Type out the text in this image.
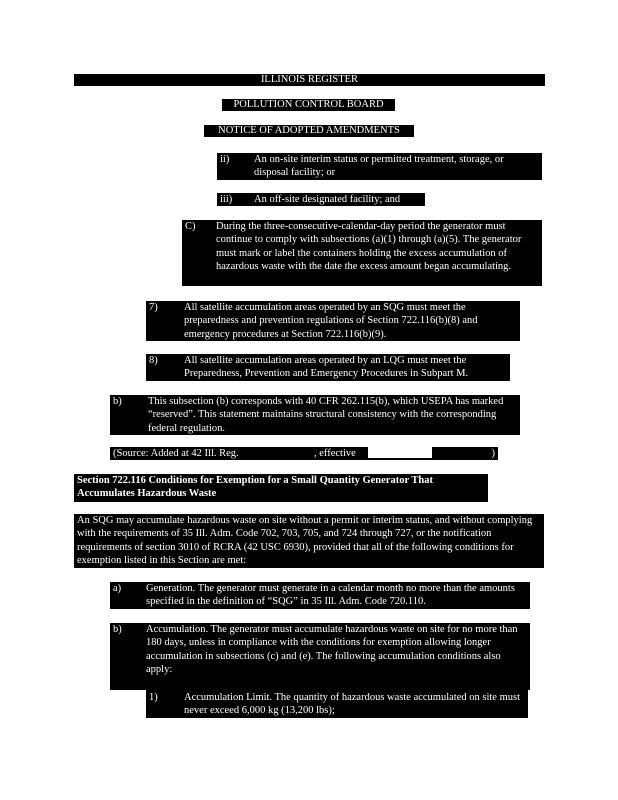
ILLINOIS REGISTER
POLLUTION CONTROL BOARD
NOTICE OF ADOPTED AMENDMENTS
ii) An on-site interim status or permitted treatment, storage, or disposal facility; or
iii) An off-site designated facility; and
C) During the three-consecutive-calendar-day period the generator must continue to comply with subsections (a)(1) through (a)(5). The generator must mark or label the containers holding the excess accumulation of hazardous waste with the date the excess amount began accumulating.
7)	All satellite accumulation areas operated by an SQG must meet the preparedness and prevention regulations of Section 722.116(b)(8) and emergency procedures at Section 722.116(b)(9).
8)	All satellite accumulation areas operated by an LQG must meet the Preparedness, Prevention and Emergency Procedures in Subpart M.
b)	This subsection (b) corresponds with 40 CFR 262.115(b), which USEPA has marked “reserved”. This statement maintains structural consistency with the corresponding federal regulation.
(Source: Added at 42 Ill. Reg.	, effective	)
Section 722.116 Conditions for Exemption for a Small Quantity Generator That
Accumulates Hazardous Waste
An SQG may accumulate hazardous waste on site without a permit or interim status, and without complying with the requirements of 35 Ill. Adm. Code 702, 703, 705, and 724 through 727, or the notification requirements of section 3010 of RCRA (42 USC 6930), provided that all of the following conditions for exemption listed in this Section are met:
a) Generation. The generator must generate in a calendar month no more than the amounts specified in the definition of “SQG” in 35 Ill. Adm. Code 720.110.
b) Accumulation. The generator must accumulate hazardous waste on site for no more than 180 days, unless in compliance with the conditions for exemption allowing longer accumulation in subsections (c) and (e). The following accumulation conditions also apply:
1)	Accumulation Limit. The quantity of hazardous waste accumulated on site must never exceed 6,000 kg (13,200 lbs);
